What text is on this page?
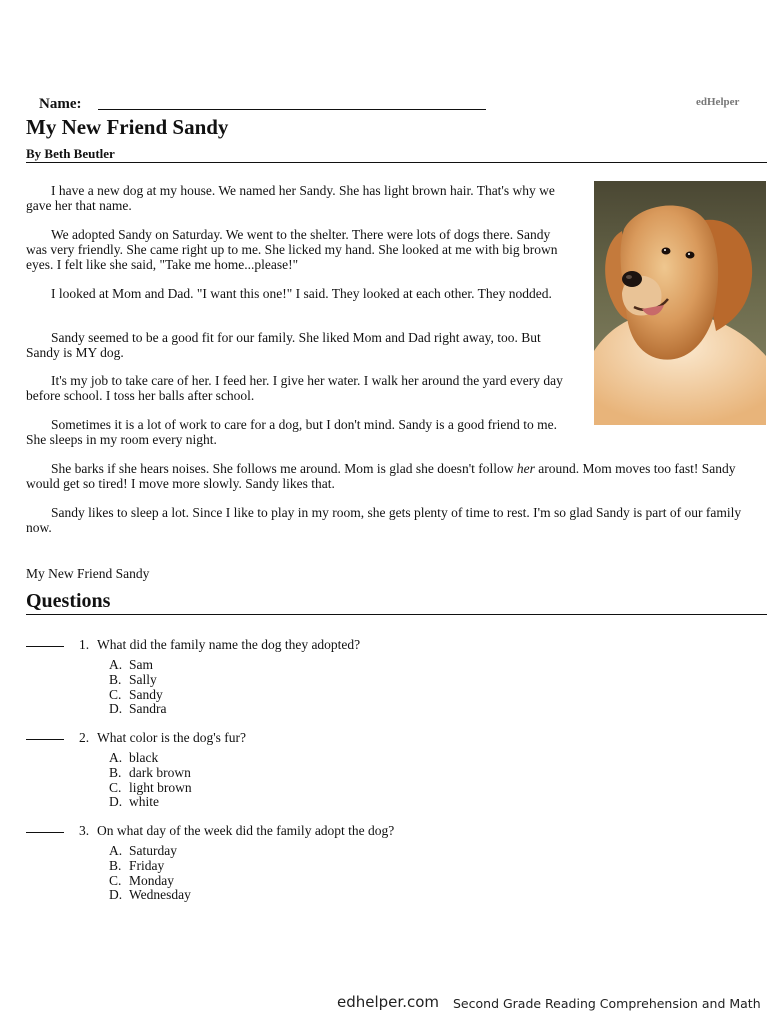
Name:	edHelper
My New Friend Sandy
By Beth Beutler

I have a new dog at my house. We named her Sandy. She has light brown hair. That's why we gave her that name.

We adopted Sandy on Saturday. We went to the shelter. There were lots of dogs there. Sandy was very friendly. She came right up to me. She licked my hand. She looked at me with big brown eyes. I felt like she said, "Take me home...please!"

I looked at Mom and Dad. "I want this one!" I said. They looked at each other. They nodded.

Sandy seemed to be a good fit for our family. She liked Mom and Dad right away, too. But Sandy is MY dog.

It's my job to take care of her. I feed her. I give her water. I walk her around the yard every day before school. I toss her balls after school.

Sometimes it is a lot of work to care for a dog, but I don't mind. Sandy is a good friend to me. She sleeps in my room every night.

She barks if she hears noises. She follows me around. Mom is glad she doesn't follow her around. Mom moves too fast! Sandy would get so tired! I move more slowly. Sandy likes that.

Sandy likes to sleep a lot. Since I like to play in my room, she gets plenty of time to rest. I'm so glad Sandy is part of our family now.

My New Friend Sandy
Questions
1. What did the family name the dog they adopted?
A. Sam
B. Sally
C. Sandy
D. Sandra
2. What color is the dog's fur?
A. black
B. dark brown
C. light brown
D. white
3. On what day of the week did the family adopt the dog?
A. Saturday
B. Friday
C. Monday
D. Wednesday
edhelper.com Second Grade Reading Comprehension and Math
